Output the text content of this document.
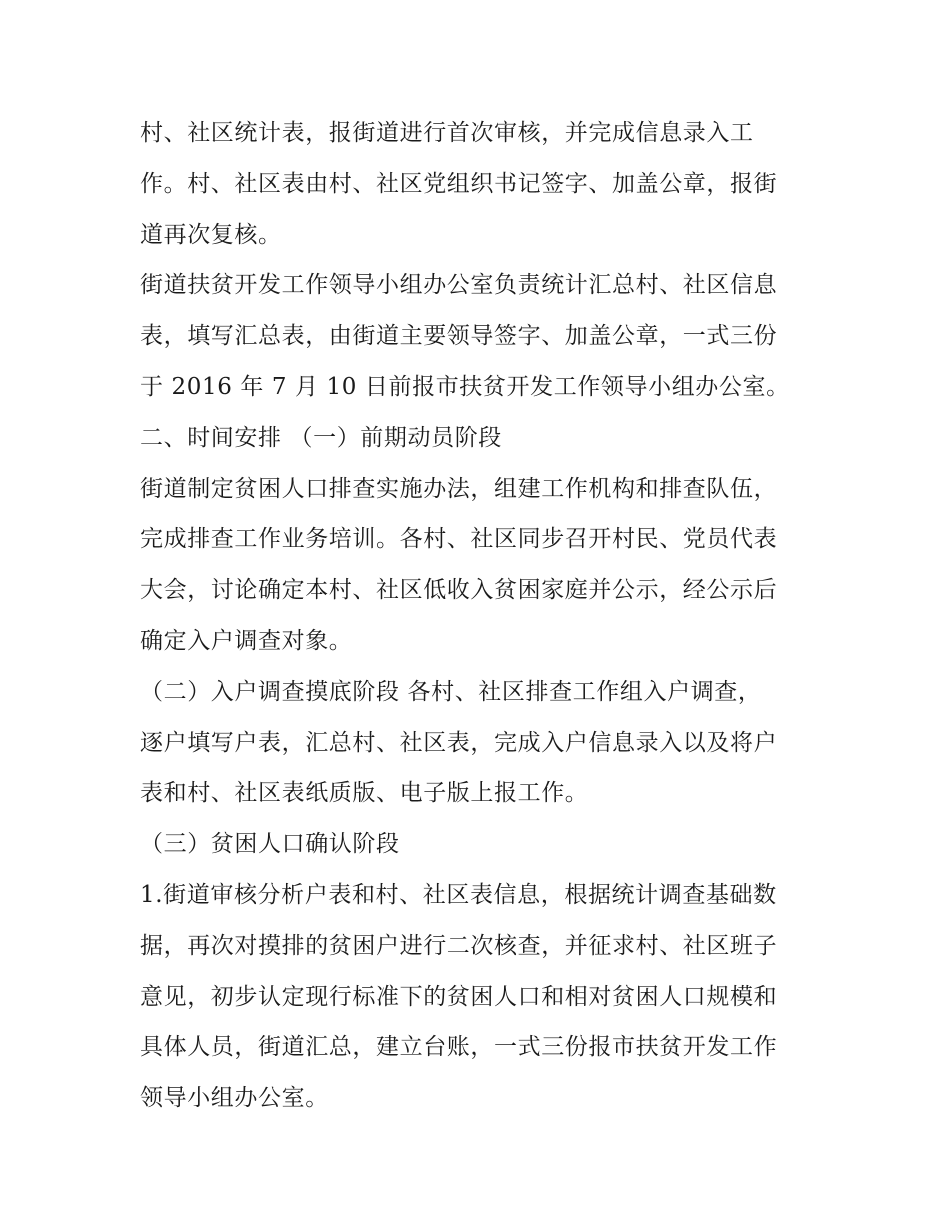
村、社区统计表，报街道进行首次审核，并完成信息录入工
作。村、社区表由村、社区党组织书记签字、加盖公章，报街
道再次复核。
街道扶贫开发工作领导小组办公室负责统计汇总村、社区信息
表，填写汇总表，由街道主要领导签字、加盖公章，一式三份
于 2016 年 7 月 10 日前报市扶贫开发工作领导小组办公室。
二、时间安排 （一）前期动员阶段
街道制定贫困人口排查实施办法，组建工作机构和排查队伍，
完成排查工作业务培训。各村、社区同步召开村民、党员代表
大会，讨论确定本村、社区低收入贫困家庭并公示，经公示后
确定入户调查对象。
（二）入户调查摸底阶段 各村、社区排查工作组入户调查，
逐户填写户表，汇总村、社区表，完成入户信息录入以及将户
表和村、社区表纸质版、电子版上报工作。
（三）贫困人口确认阶段
1.街道审核分析户表和村、社区表信息，根据统计调查基础数
据，再次对摸排的贫困户进行二次核查，并征求村、社区班子
意见，初步认定现行标准下的贫困人口和相对贫困人口规模和
具体人员，街道汇总，建立台账，一式三份报市扶贫开发工作
领导小组办公室。
